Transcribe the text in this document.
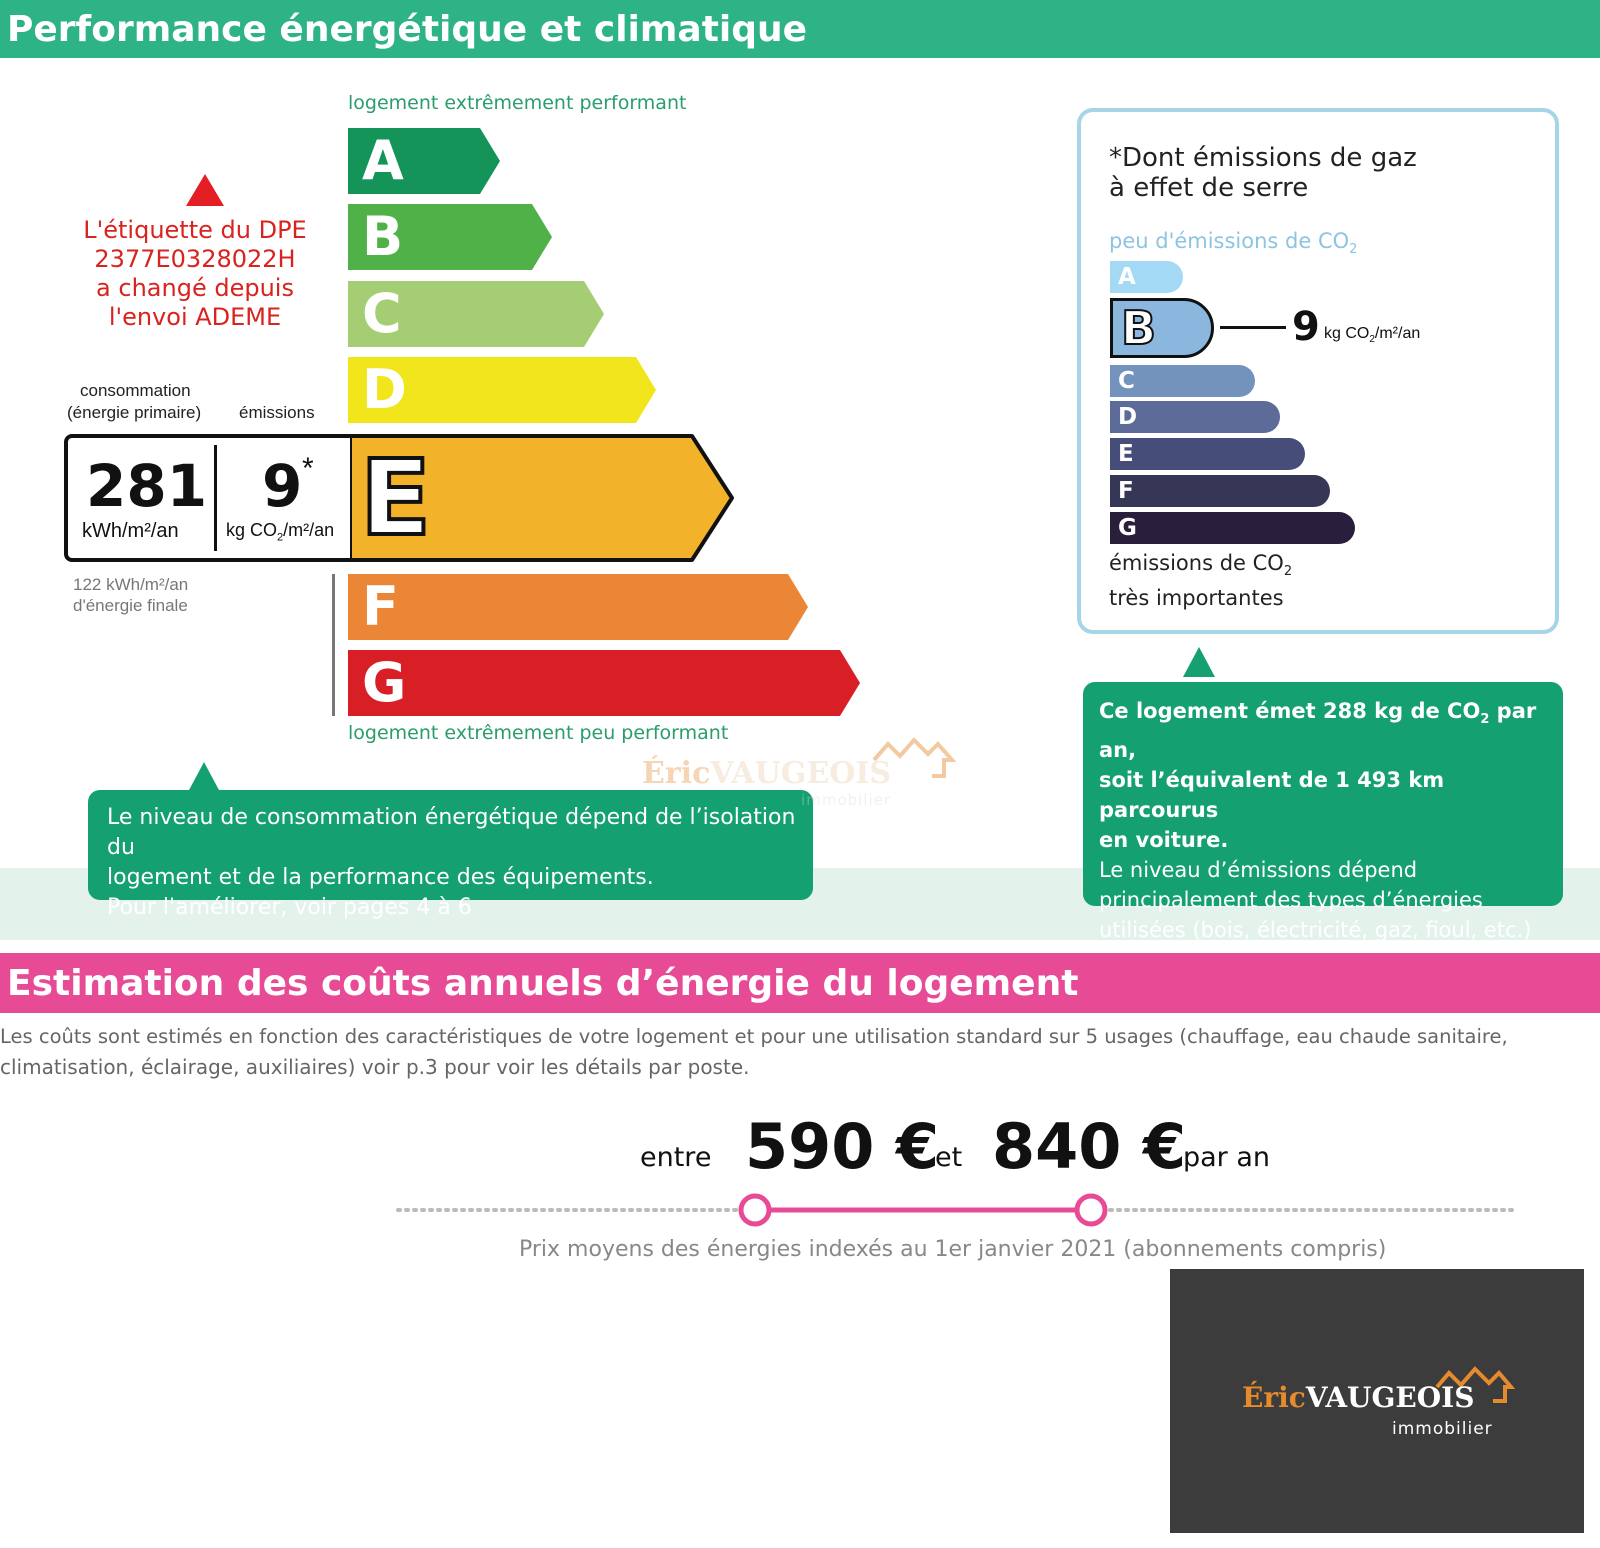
Performance énergétique et climatique
logement extrêmement performant
A
B
C
D
E
F
G
logement extrêmement peu performant
L'étiquette du DPE
2377E0328022H
a changé depuis
l'envoi ADEME
consommation
(énergie primaire) émissions
281
kWh/m²/an
9 *
kg $CO_2/m^2/an$
122 kWh/m²/an
d'énergie finale
Le niveau de consommation énergétique dépend de l’isolation du
logement et de la performance des équipements.
Pour l'améliorer, voir pages 4 à 6
ÉricVAUGEOIS
immobilier
*Dont émissions de gaz
à effet de serre
peu d'émissions de $CO_2$
A
B
C
D
E
F
G
9 kg $CO_2/m^2/an$
émissions de $CO_2$
très importantes
Ce logement émet 288 kg de $CO_2$ par an,
soit l’équivalent de 1 493 km parcourus
en voiture.
Le niveau d’émissions dépend
principalement des types d’énergies
utilisées (bois, électricité, gaz, fioul, etc.)
Estimation des coûts annuels d’énergie du logement
Les coûts sont estimés en fonction des caractéristiques de votre logement et pour une utilisation standard sur 5 usages (chauffage, eau chaude sanitaire,
climatisation, éclairage, auxiliaires) voir p.3 pour voir les détails par poste.
entre 590 €
et 840 €
par an
Prix moyens des énergies indexés au 1er janvier 2021 (abonnements compris)
ÉricVAUGEOIS
immobilier
